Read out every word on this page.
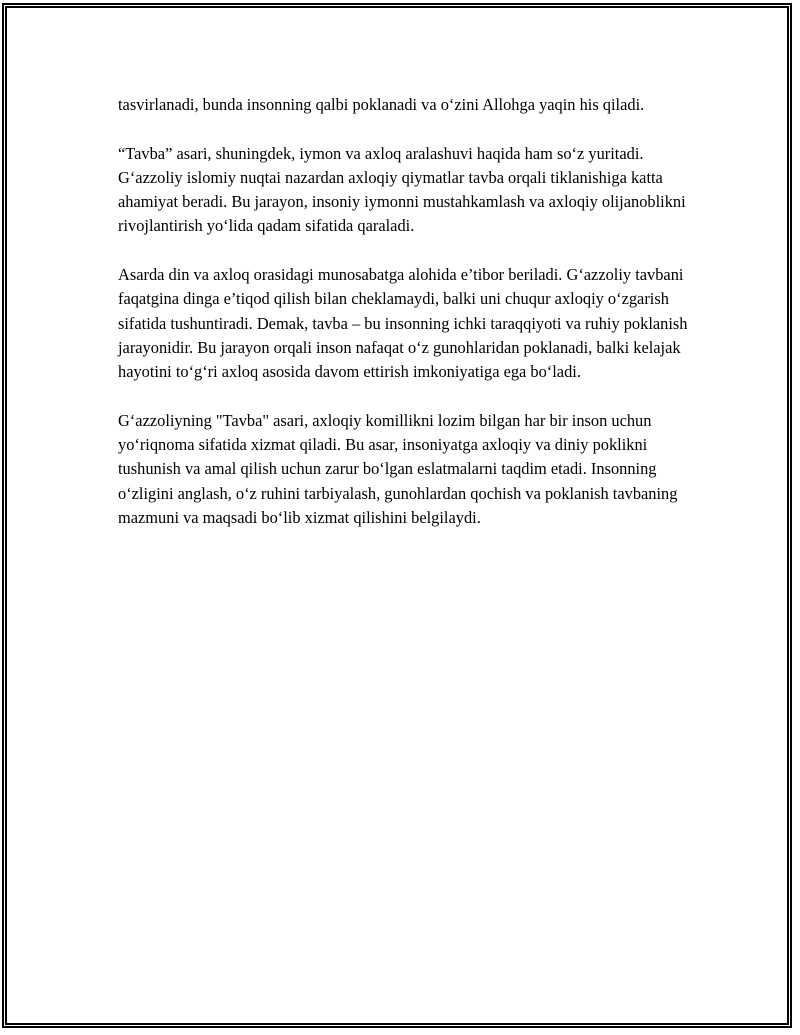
tasvirlanadi, bunda insonning qalbi poklanadi va o‘zini Allohga yaqin his qiladi.

“Tavba” asari, shuningdek, iymon va axloq aralashuvi haqida ham so‘z yuritadi. G‘azzoliy islomiy nuqtai nazardan axloqiy qiymatlar tavba orqali tiklanishiga katta ahamiyat beradi. Bu jarayon, insoniy iymonni mustahkamlash va axloqiy olijanoblikni rivojlantirish yo‘lida qadam sifatida qaraladi.

Asarda din va axloq orasidagi munosabatga alohida e’tibor beriladi. G‘azzoliy tavbani faqatgina dinga e’tiqod qilish bilan cheklamaydi, balki uni chuqur axloqiy o‘zgarish sifatida tushuntiradi. Demak, tavba – bu insonning ichki taraqqiyoti va ruhiy poklanish jarayonidir. Bu jarayon orqali inson nafaqat o‘z gunohlaridan poklanadi, balki kelajak hayotini to‘g‘ri axloq asosida davom ettirish imkoniyatiga ega bo‘ladi.

G‘azzoliyning "Tavba" asari, axloqiy komillikni lozim bilgan har bir inson uchun yo‘riqnoma sifatida xizmat qiladi. Bu asar, insoniyatga axloqiy va diniy poklikni tushunish va amal qilish uchun zarur bo‘lgan eslatmalarni taqdim etadi. Insonning o‘zligini anglash, o‘z ruhini tarbiyalash, gunohlardan qochish va poklanish tavbaning mazmuni va maqsadi bo‘lib xizmat qilishini belgilaydi.
